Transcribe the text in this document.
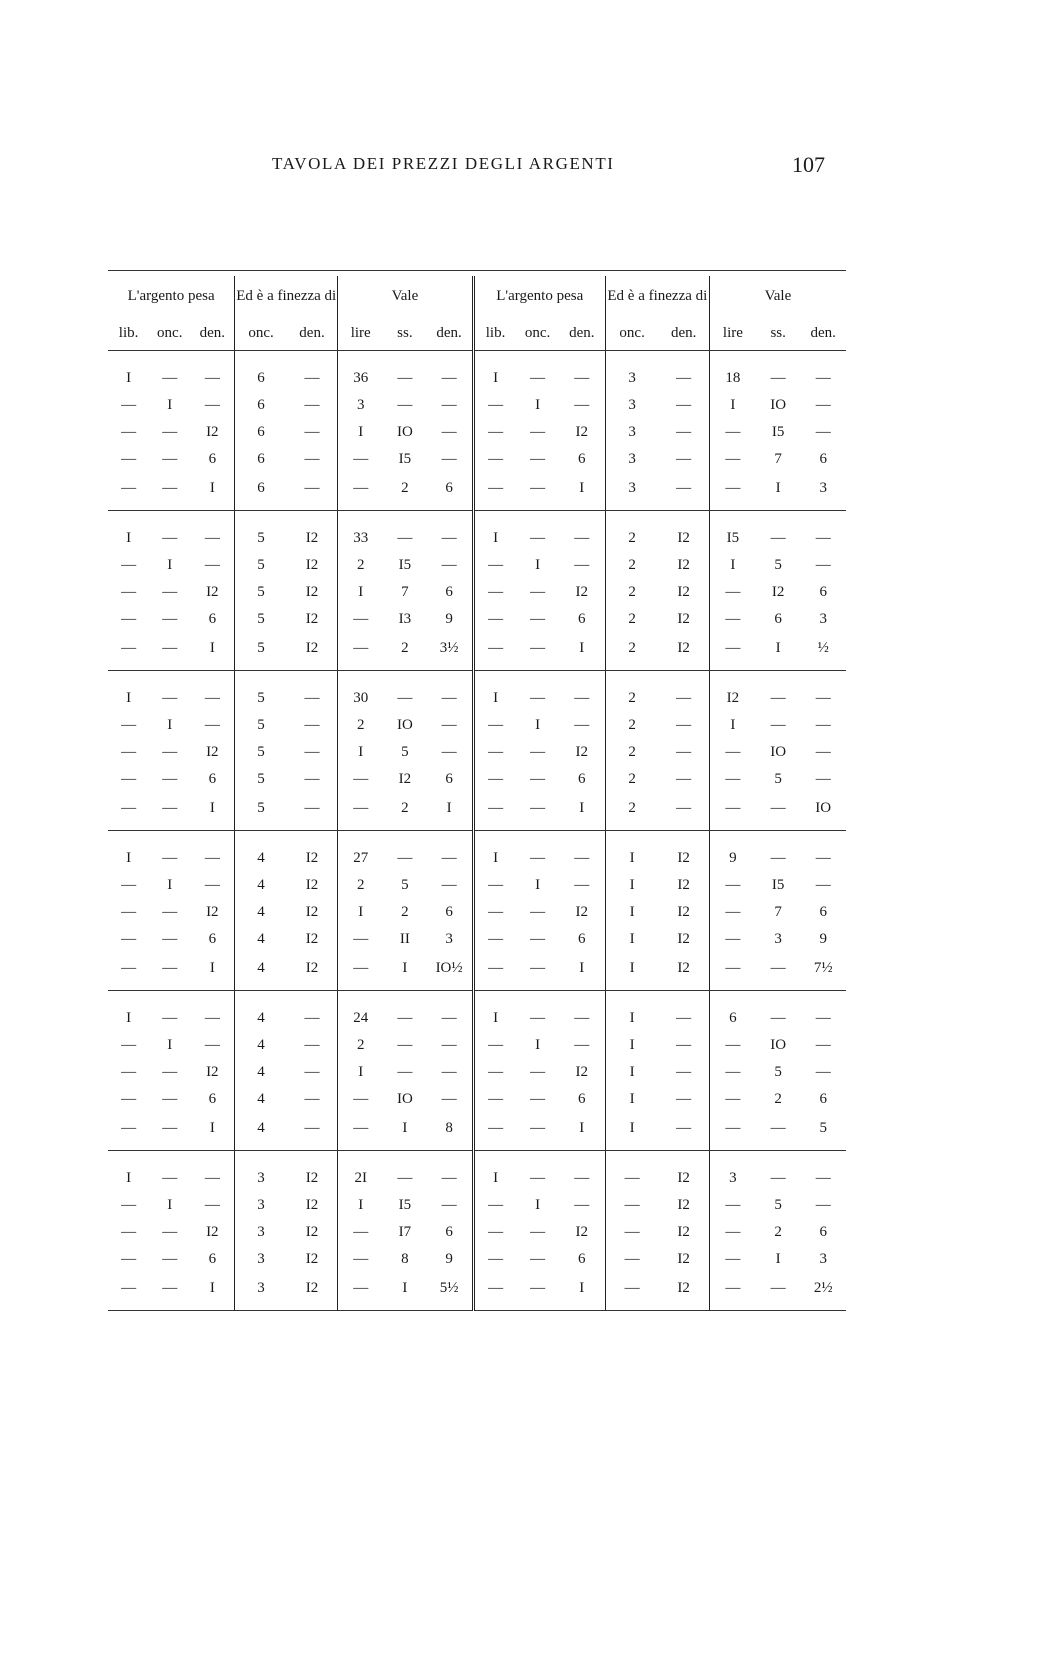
TAVOLA DEI PREZZI DEGLI ARGENTI	107
L'argento pesa			Ed è a finezza di		Vale			L'argento pesa			Ed è a finezza di		Vale		
lib.	onc.	den.	onc.	den.	lire	ss.	den.	lib.	onc.	den.	onc.	den.	lire	ss.	den.
I	—	—	6	—	36	—	—	I	—	—	3	—	18	—	—
—	I	—	6	—	3	—	—	—	I	—	3	—	I	IO	—
—	—	I2	6	—	I	IO	—	—	—	I2	3	—	—	I5	—
—	—	6	6	—	—	I5	—	—	—	6	3	—	—	7	6
—	—	I	6	—	—	2	6	—	—	I	3	—	—	I	3
I	—	—	5	I2	33	—	—	I	—	—	2	I2	I5	—	—
—	I	—	5	I2	2	I5	—	—	I	—	2	I2	I	5	—
—	—	I2	5	I2	I	7	6	—	—	I2	2	I2	—	I2	6
—	—	6	5	I2	—	I3	9	—	—	6	2	I2	—	6	3
—	—	I	5	I2	—	2	3½	—	—	I	2	I2	—	I	½
I	—	—	5	—	30	—	—	I	—	—	2	—	I2	—	—
—	I	—	5	—	2	IO	—	—	I	—	2	—	I	—	—
—	—	I2	5	—	I	5	—	—	—	I2	2	—	—	IO	—
—	—	6	5	—	—	I2	6	—	—	6	2	—	—	5	—
—	—	I	5	—	—	2	I	—	—	I	2	—	—	—	IO
I	—	—	4	I2	27	—	—	I	—	—	I	I2	9	—	—
—	I	—	4	I2	2	5	—	—	I	—	I	I2	—	I5	—
—	—	I2	4	I2	I	2	6	—	—	I2	I	I2	—	7	6
—	—	6	4	I2	—	II	3	—	—	6	I	I2	—	3	9
—	—	I	4	I2	—	I	IO½	—	—	I	I	I2	—	—	7½
I	—	—	4	—	24	—	—	I	—	—	I	—	6	—	—
—	I	—	4	—	2	—	—	—	I	—	I	—	—	IO	—
—	—	I2	4	—	I	—	—	—	—	I2	I	—	—	5	—
—	—	6	4	—	—	IO	—	—	—	6	I	—	—	2	6
—	—	I	4	—	—	I	8	—	—	I	I	—	—	—	5
I	—	—	3	I2	2I	—	—	I	—	—	—	I2	3	—	—
—	I	—	3	I2	I	I5	—	—	I	—	—	I2	—	5	—
—	—	I2	3	I2	—	I7	6	—	—	I2	—	I2	—	2	6
—	—	6	3	I2	—	8	9	—	—	6	—	I2	—	I	3
—	—	I	3	I2	—	I	5½	—	—	I	—	I2	—	—	2½
